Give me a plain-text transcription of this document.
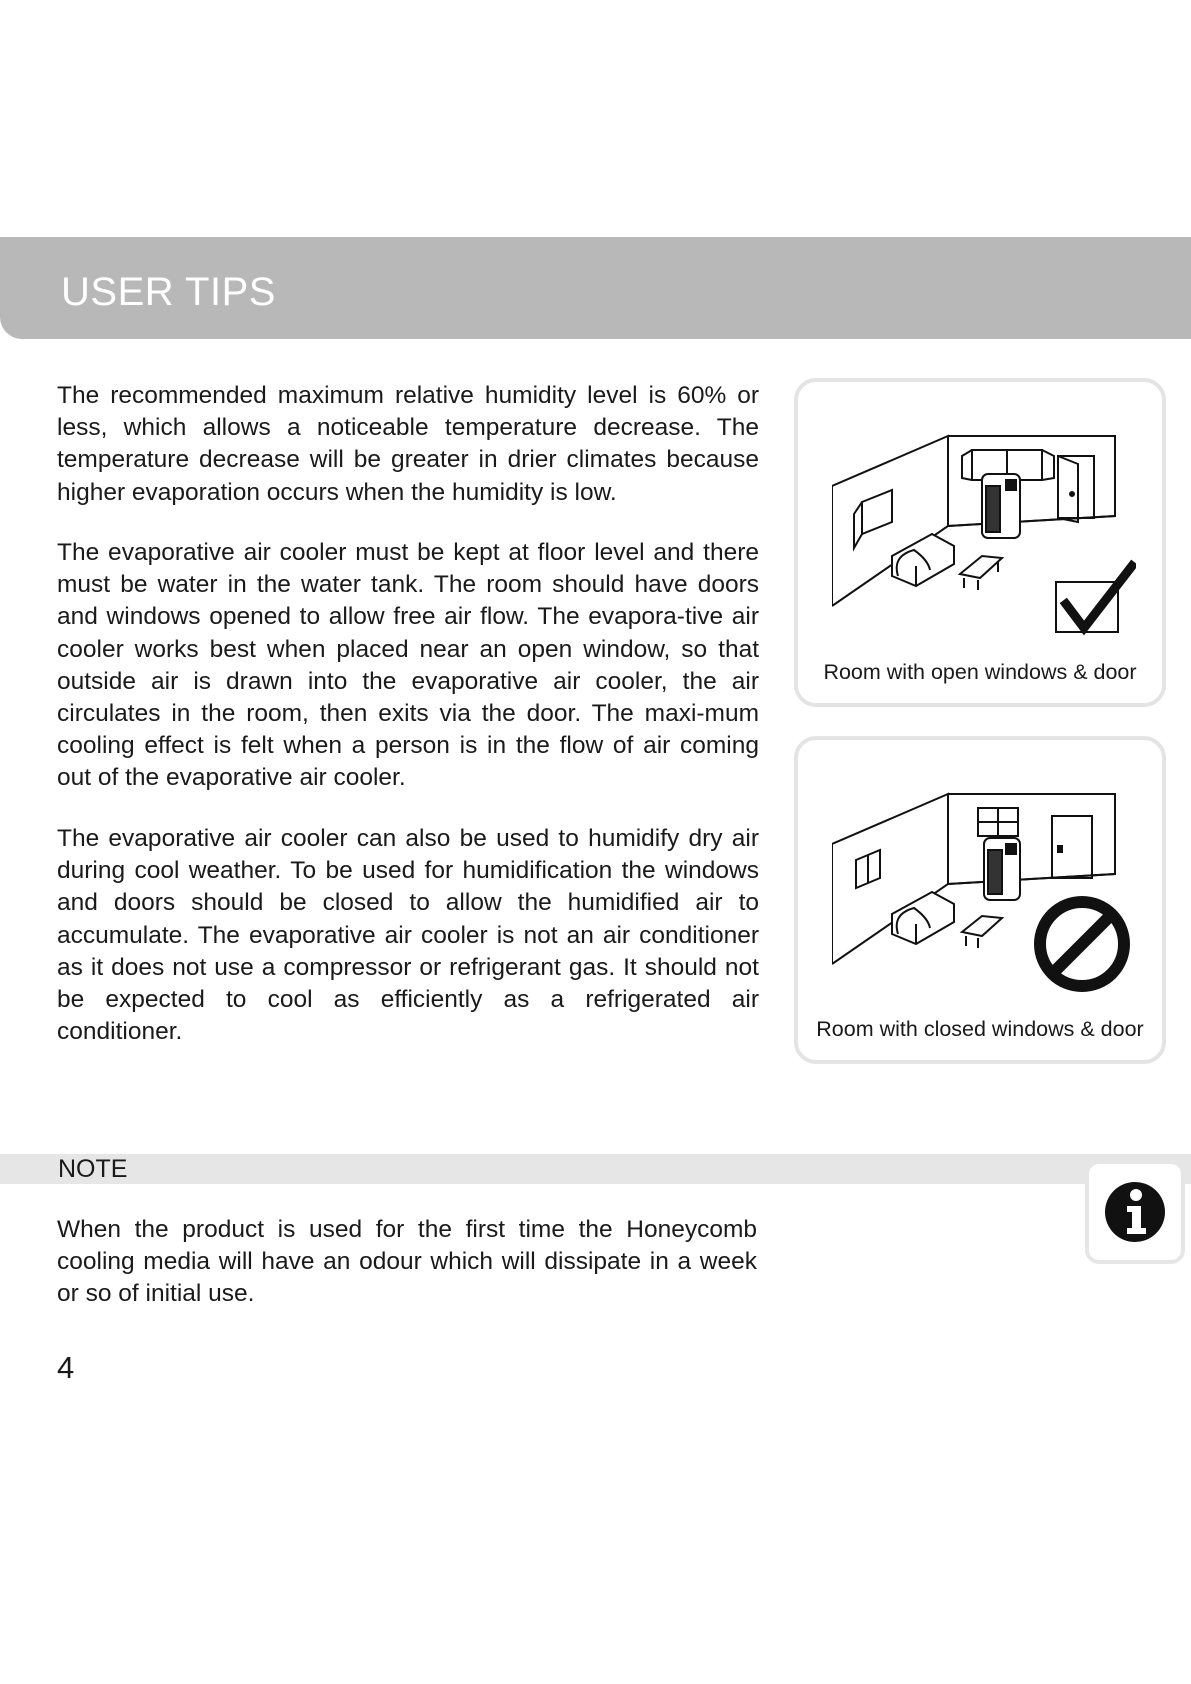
USER TIPS

The recommended maximum relative humidity level is 60% or less, which allows a noticeable temperature decrease. The temperature decrease will be greater in drier climates because higher evaporation occurs when the humidity is low.

The evaporative air cooler must be kept at floor level and there must be water in the water tank. The room should have doors and windows opened to allow free air flow. The evapora-tive air cooler works best when placed near an open window, so that outside air is drawn into the evaporative air cooler, the air circulates in the room, then exits via the door. The maxi-mum cooling effect is felt when a person is in the flow of air coming out of the evaporative air cooler.

The evaporative air cooler can also be used to humidify dry air during cool weather. To be used for humidification the windows and doors should be closed to allow the humidified air to accumulate. The evaporative air cooler is not an air conditioner as it does not use a compressor or refrigerant gas. It should not be expected to cool as efficiently as a refrigerated air conditioner.

Room with open windows & door
Room with closed windows & door
NOTE

When the product is used for the first time the Honeycomb cooling media will have an odour which will dissipate in a week or so of initial use.

4
